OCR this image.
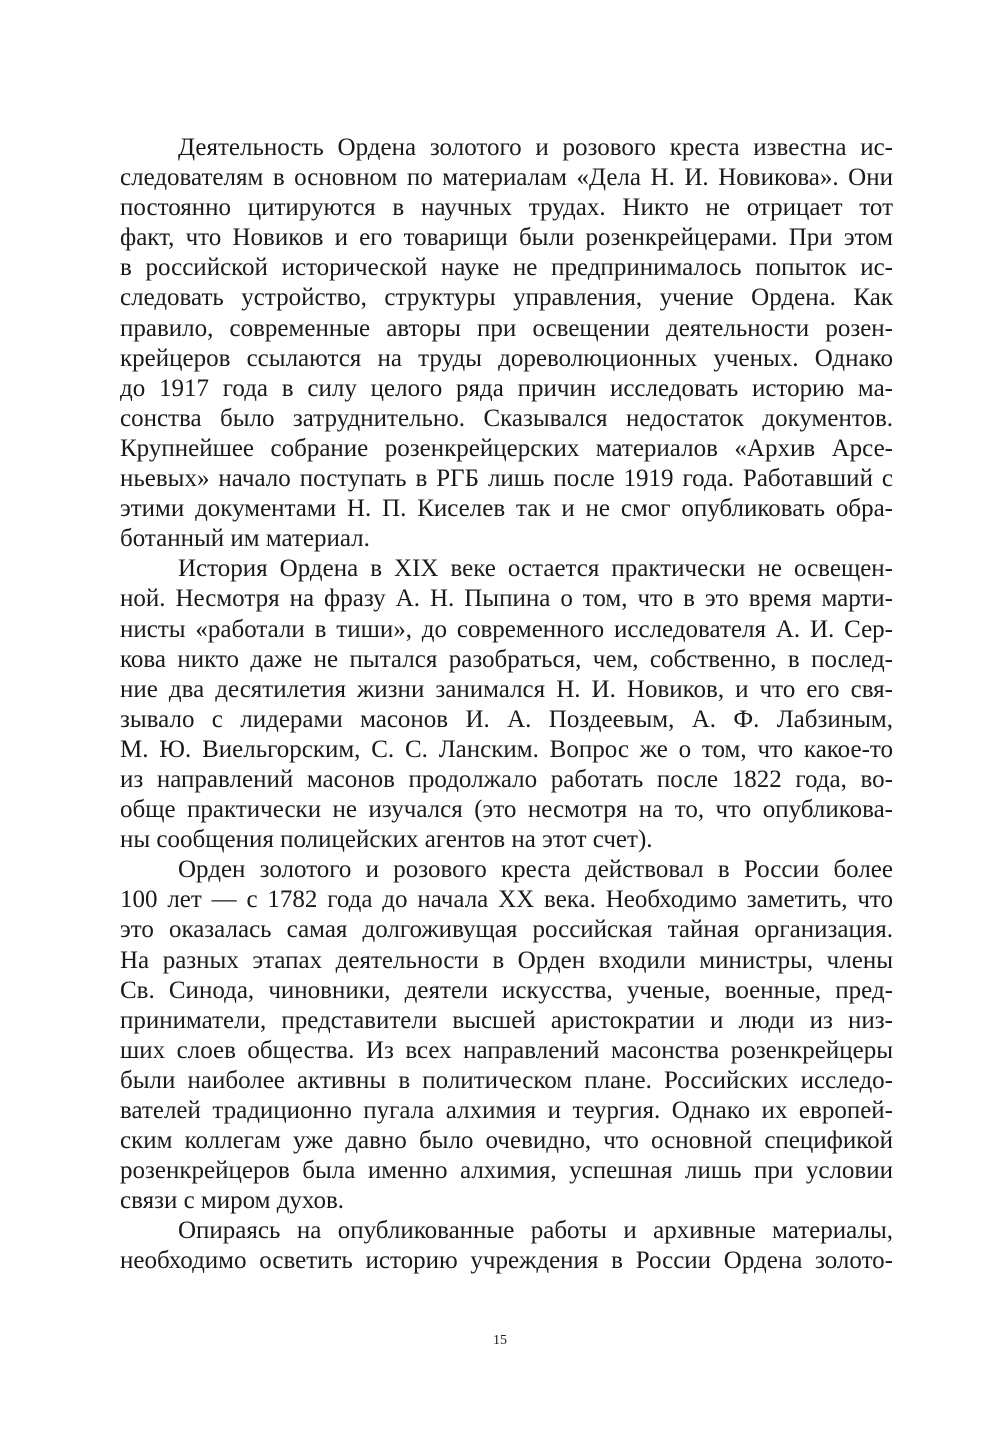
Деятельность Ордена золотого и розового креста известна ис-
следователям в основном по материалам «Дела Н. И. Новикова». Они
постоянно цитируются в научных трудах. Никто не отрицает тот
факт, что Новиков и его товарищи были розенкрейцерами. При этом
в российской исторической науке не предпринималось попыток ис-
следовать устройство, структуры управления, учение Ордена. Как
правило, современные авторы при освещении деятельности розен-
крейцеров ссылаются на труды дореволюционных ученых. Однако
до 1917 года в силу целого ряда причин исследовать историю ма-
сонства было затруднительно. Сказывался недостаток документов.
Крупнейшее собрание розенкрейцерских материалов «Архив Арсе-
ньевых» начало поступать в РГБ лишь после 1919 года. Работавший с
этими документами Н. П. Киселев так и не смог опубликовать обра-
ботанный им материал.
История Ордена в XIX веке остается практически не освещен-
ной. Несмотря на фразу А. Н. Пыпина о том, что в это время марти-
нисты «работали в тиши», до современного исследователя А. И. Сер-
кова никто даже не пытался разобраться, чем, собственно, в послед-
ние два десятилетия жизни занимался Н. И. Новиков, и что его свя-
зывало с лидерами масонов И. А. Поздеевым, А. Ф. Лабзиным,
М. Ю. Виельгорским, С. С. Ланским. Вопрос же о том, что какое-то
из направлений масонов продолжало работать после 1822 года, во-
обще практически не изучался (это несмотря на то, что опубликова-
ны сообщения полицейских агентов на этот счет).
Орден золотого и розового креста действовал в России более
100 лет — с 1782 года до начала XX века. Необходимо заметить, что
это оказалась самая долгоживущая российская тайная организация.
На разных этапах деятельности в Орден входили министры, члены
Св. Синода, чиновники, деятели искусства, ученые, военные, пред-
приниматели, представители высшей аристократии и люди из низ-
ших слоев общества. Из всех направлений масонства розенкрейцеры
были наиболее активны в политическом плане. Российских исследо-
вателей традиционно пугала алхимия и теургия. Однако их европей-
ским коллегам уже давно было очевидно, что основной спецификой
розенкрейцеров была именно алхимия, успешная лишь при условии
связи с миром духов.
Опираясь на опубликованные работы и архивные материалы,
необходимо осветить историю учреждения в России Ордена золото-
15
